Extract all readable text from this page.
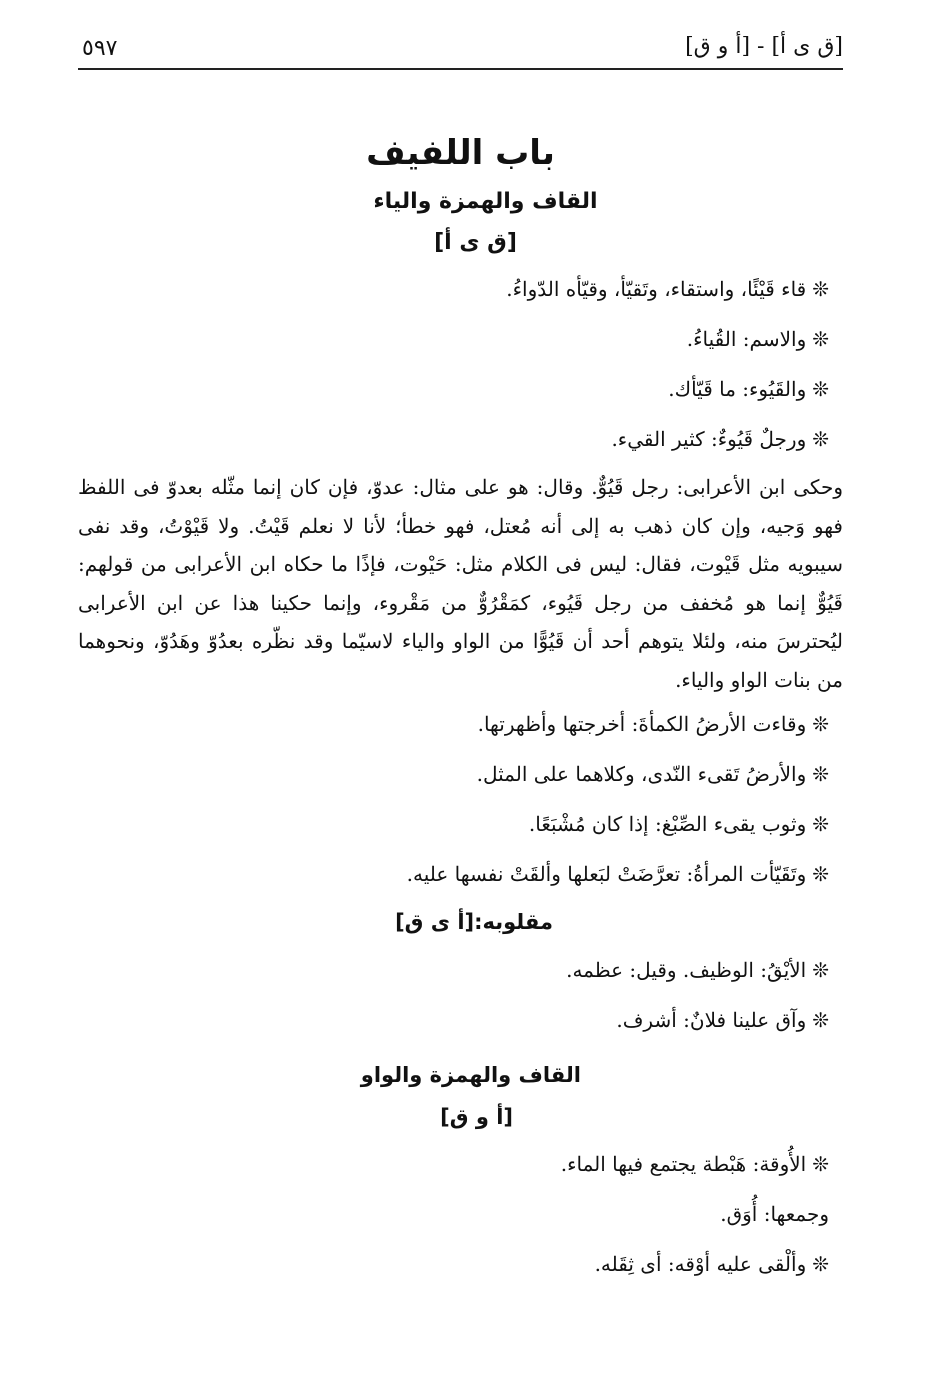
٥٩٧	[ق ى أ] - [أ و ق]
باب اللفيف
القاف والهمزة والياء
[ق ى أ]
❊قاء قَيْئًا، واستقاء، وتَقيّأ، وقيّأه الدّواءُ.
❊والاسم: القُياءُ.
❊والقَيُوء: ما قَيّأك.
❊ورجلٌ قَيُوءٌ: كثير القيء.

وحكى ابن الأعرابى: رجل قَيُوٌّ. وقال: هو على مثال: عدوّ، فإن كان إنما مثّله بعدوّ فى اللفظ فهو وَجيه، وإن كان ذهب به إلى أنه مُعتل، فهو خطأ؛ لأنا لا نعلم قَيْتُ. ولا قَيْوْتُ، وقد نفى سيبويه مثل قَيْوت، فقال: ليس فى الكلام مثل: حَيْوت، فإذًا ما حكاه ابن الأعرابى من قولهم: قَيُوٌّ إنما هو مُخفف من رجل قَيُوء، كمَقْرُوٌّ من مَقْروء، وإنما حكينا هذا عن ابن الأعرابى ليُحترسَ منه، ولئلا يتوهم أحد أن قَيُوًّا من الواو والياء لاسيّما وقد نظّره بعدُوّ وهَدُوّ، ونحوهما من بنات الواو والياء.

❊وقاءت الأرضُ الكمأةَ: أخرجتها وأظهرتها.
❊والأرضُ تَقىء النّدى، وكلاهما على المثل.
❊وثوب يقىء الصِّبْغ: إذا كان مُشْبَعًا.
❊وتَقَيّأت المرأةُ: تعرَّضَتْ لبَعلها وألقَتْ نفسها عليه.
مقلوبه:[أ ى ق]
❊الأيْقُ: الوظيف. وقيل: عظمه.
❊وآق علينا فلانٌ: أشرف.
القاف والهمزة والواو
[أ و ق]
❊الأُوقة: هَبْطة يجتمع فيها الماء.
وجمعها: أُوَق.
❊وألْقى عليه أوْقه: أى ثِقَله.
